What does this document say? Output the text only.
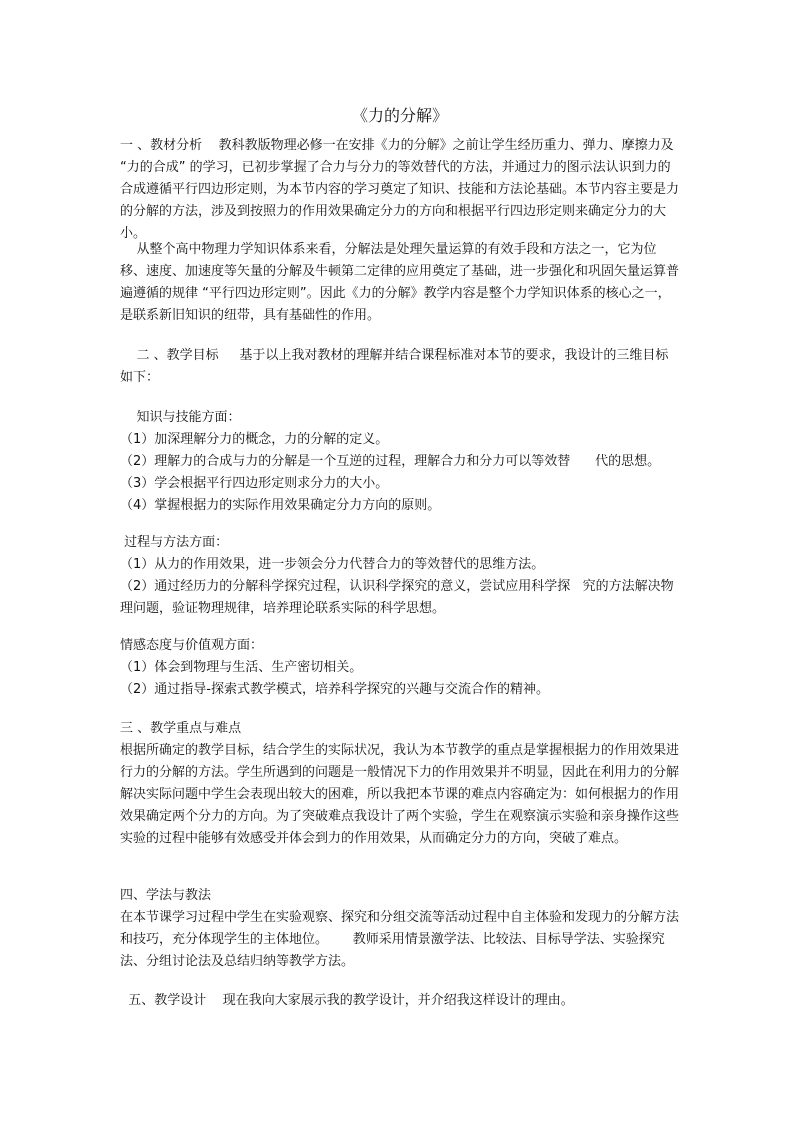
《力的分解》
一 、教材分析    教科教版物理必修一在安排《力的分解》之前让学生经历重力、弹力、摩擦力及 “力的合成” 的学习，已初步掌握了合力与分力的等效替代的方法，并通过力的图示法认识到力的合成遵循平行四边形定则，为本节内容的学习奠定了知识、技能和方法论基础。本节内容主要是力的分解的方法，涉及到按照力的作用效果确定分力的方向和根据平行四边形定则来确定分力的大小。
从整个高中物理力学知识体系来看，分解法是处理矢量运算的有效手段和方法之一，它为位移、速度、加速度等矢量的分解及牛顿第二定律的应用奠定了基础，进一步强化和巩固矢量运算普遍遵循的规律 “平行四边形定则”。因此《力的分解》教学内容是整个力学知识体系的核心之一，是联系新旧知识的纽带，具有基础性的作用。
二 、教学目标     基于以上我对教材的理解并结合课程标准对本节的要求，我设计的三维目标如下：
知识与技能方面：
（1）加深理解分力的概念，力的分解的定义。
（2）理解力的合成与力的分解是一个互逆的过程，理解合力和分力可以等效替      代的思想。   （3）学会根据平行四边形定则求分力的大小。
（4）掌握根据力的实际作用效果确定分力方向的原则。
过程与方法方面：
（1）从力的作用效果，进一步领会分力代替合力的等效替代的思维方法。
（2）通过经历力的分解科学探究过程，认识科学探究的意义，尝试应用科学探   究的方法解决物理问题，验证物理规律，培养理论联系实际的科学思想。
情感态度与价值观方面：
（1）体会到物理与生活、生产密切相关。
（2）通过指导-探索式教学模式，培养科学探究的兴趣与交流合作的精神。
三 、教学重点与难点
根据所确定的教学目标，结合学生的实际状况，我认为本节教学的重点是掌握根据力的作用效果进行力的分解的方法。学生所遇到的问题是一般情况下力的作用效果并不明显，因此在利用力的分解解决实际问题中学生会表现出较大的困难，所以我把本节课的难点内容确定为：如何根据力的作用效果确定两个分力的方向。为了突破难点我设计了两个实验，学生在观察演示实验和亲身操作这些实验的过程中能够有效感受并体会到力的作用效果，从而确定分力的方向，突破了难点。
四、学法与教法
在本节课学习过程中学生在实验观察、探究和分组交流等活动过程中自主体验和发现力的分解方法和技巧，充分体现学生的主体地位。      教师采用情景激学法、比较法、目标导学法、实验探究法、分组讨论法及总结归纳等教学方法。
五、教学设计    现在我向大家展示我的教学设计，并介绍我这样设计的理由。
